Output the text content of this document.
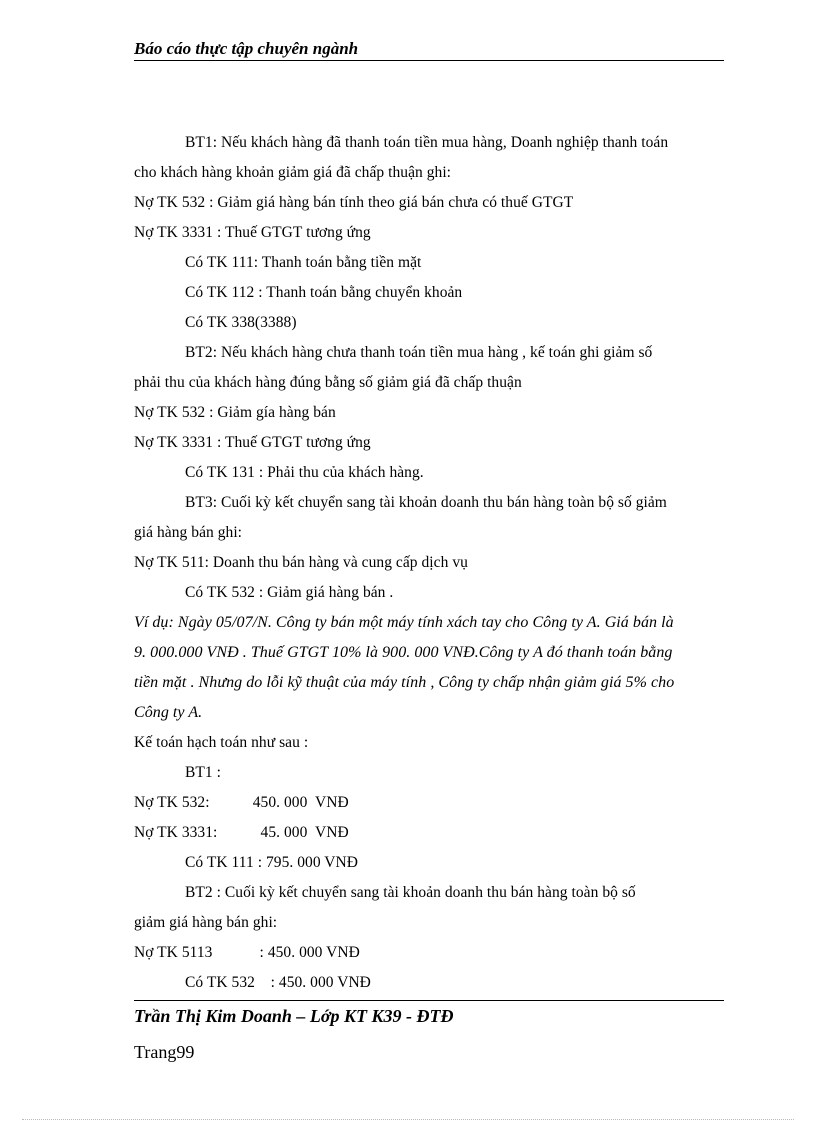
Báo cáo thực tập chuyên ngành
BT1: Nếu khách hàng đã thanh toán tiền mua hàng, Doanh nghiệp thanh toán
cho khách hàng khoản giảm giá đã chấp thuận ghi:
Nợ TK 532 : Giảm giá hàng bán tính theo giá bán chưa có thuế GTGT
Nợ TK 3331 : Thuế GTGT tương ứng
Có TK 111: Thanh toán bằng tiền mặt
Có TK 112 : Thanh toán bằng chuyển khoản
Có TK 338(3388)
BT2: Nếu khách hàng chưa thanh toán tiền mua hàng , kế toán ghi giảm số
phải thu của khách hàng đúng bằng số giảm giá đã chấp thuận
Nợ TK 532 : Giảm gía hàng bán
Nợ TK 3331 : Thuế GTGT tương ứng
Có TK 131 : Phải thu của khách hàng.
BT3: Cuối kỳ kết chuyển sang tài khoản doanh thu bán hàng toàn bộ số giảm
giá hàng bán ghi:
Nợ TK 511: Doanh thu bán hàng và cung cấp dịch vụ
Có TK 532 : Giảm giá hàng bán .
Ví dụ: Ngày 05/07/N. Công ty bán một máy tính xách tay cho Công ty A. Giá bán là
9. 000.000 VNĐ . Thuế GTGT 10% là 900. 000 VNĐ.Công ty A đó thanh toán bằng
tiền mặt . Nhưng do lỗi kỹ thuật của máy tính , Công ty chấp nhận giảm giá 5% cho
Công ty A.
Kế toán hạch toán như sau :
BT1 :
Nợ TK 532:           450. 000  VNĐ
Nợ TK 3331:           45. 000  VNĐ
Có TK 111 : 795. 000 VNĐ
BT2 : Cuối kỳ kết chuyển sang tài khoản doanh thu bán hàng toàn bộ số
giảm giá hàng bán ghi:
Nợ TK 5113            : 450. 000 VNĐ
Có TK 532    : 450. 000 VNĐ
Trần Thị Kim Doanh – Lớp KT K39 - ĐTĐ
Trang99
